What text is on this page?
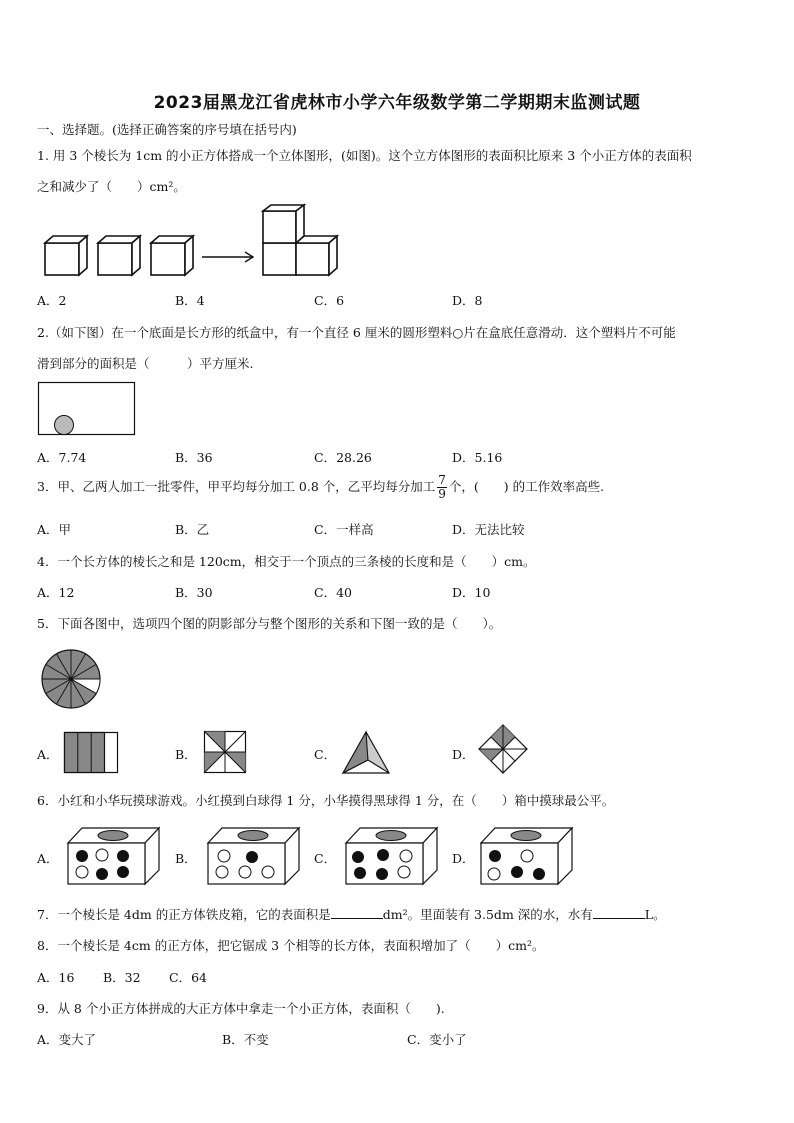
2023届黑龙江省虎林市小学六年级数学第二学期期末监测试题
一、选择题。(选择正确答案的序号填在括号内)
1. 用 3 个棱长为 1cm 的小正方体搭成一个立体图形，(如图)。这个立方体图形的表面积比原来 3 个小正方体的表面积
之和减少了（　　）cm²。
A．2	B．4	C．6	D．8
2.（如下图）在一个底面是长方形的纸盒中，有一个直径 6 厘米的圆形塑料○片在盒底任意滑动．这个塑料片不可能
滑到部分的面积是（　　　）平方厘米.
A．7.74	B．36	C．28.26	D．5.16
3．甲、乙两人加工一批零件，甲平均每分加工 0.8 个，乙平均每分加工 $\frac{7}{9}$ 个，(　　) 的工作效率高些.
A．甲	B．乙	C．一样高	D．无法比较
4．一个长方体的棱长之和是 120cm，相交于一个顶点的三条棱的长度和是（　　）cm。
A．12	B．30	C．40	D．10
5．下面各图中，选项四个图的阴影部分与整个图形的关系和下图一致的是（　　）。
A．	B．	C．	D．
6．小红和小华玩摸球游戏。小红摸到白球得 1 分，小华摸得黑球得 1 分，在（　　）箱中摸球最公平。
A．	B．	C．	D．
7．一个棱长是 4dm 的正方体铁皮箱，它的表面积是	dm²。里面装有 3.5dm 深的水，水有	L。
8．一个棱长是 4cm 的正方体，把它锯成 3 个相等的长方体，表面积增加了（　　）cm²。
A．16 B．32 C．64
9．从 8 个小正方体拼成的大正方体中拿走一个小正方体，表面积（　　).
A．变大了	B．不变	C．变小了
